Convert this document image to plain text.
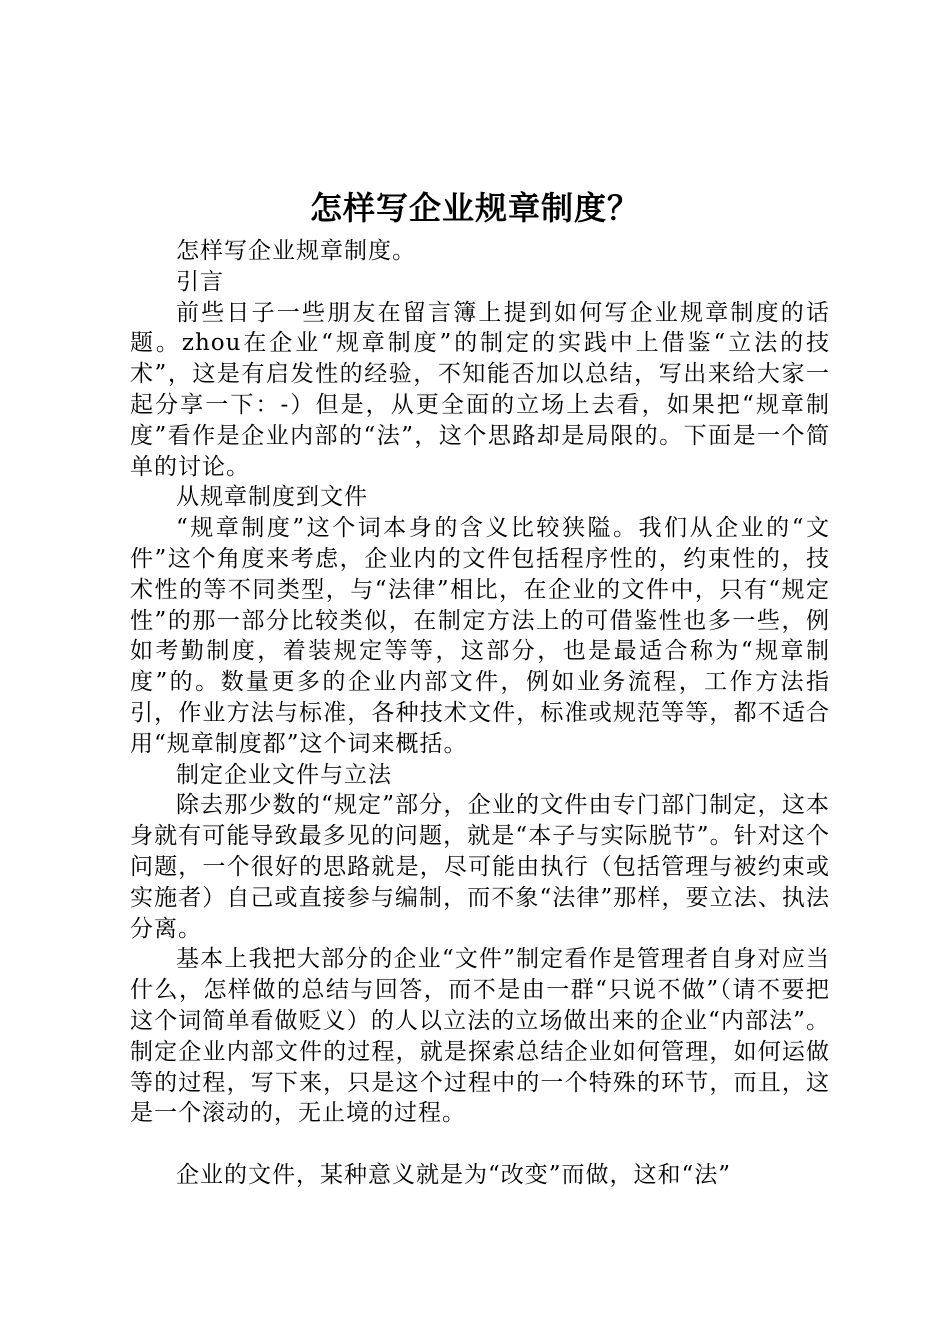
怎样写企业规章制度？

怎样写企业规章制度。

引言

前些日子一些朋友在留言簿上提到如何写企业规章制度的话题。zhou在企业“规章制度”的制定的实践中上借鉴“立法的技术”，这是有启发性的经验，不知能否加以总结，写出来给大家一起分享一下：-）但是，从更全面的立场上去看，如果把“规章制度”看作是企业内部的“法”，这个思路却是局限的。下面是一个简单的讨论。

从规章制度到文件

“规章制度”这个词本身的含义比较狭隘。我们从企业的“文件”这个角度来考虑，企业内的文件包括程序性的，约束性的，技术性的等不同类型，与“法律”相比，在企业的文件中，只有“规定性”的那一部分比较类似，在制定方法上的可借鉴性也多一些，例如考勤制度，着装规定等等，这部分，也是最适合称为“规章制度”的。数量更多的企业内部文件，例如业务流程，工作方法指引，作业方法与标准，各种技术文件，标准或规范等等，都不适合用“规章制度都”这个词来概括。

制定企业文件与立法

除去那少数的“规定”部分，企业的文件由专门部门制定，这本身就有可能导致最多见的问题，就是“本子与实际脱节”。针对这个问题，一个很好的思路就是，尽可能由执行（包括管理与被约束或实施者）自己或直接参与编制，而不象“法律”那样，要立法、执法分离。

基本上我把大部分的企业“文件”制定看作是管理者自身对应当什么，怎样做的总结与回答，而不是由一群“只说不做”（请不要把这个词简单看做贬义）的人以立法的立场做出来的企业“内部法”。制定企业内部文件的过程，就是探索总结企业如何管理，如何运做等的过程，写下来，只是这个过程中的一个特殊的环节，而且，这是一个滚动的，无止境的过程。

企业的文件，某种意义就是为“改变”而做，这和“法”
